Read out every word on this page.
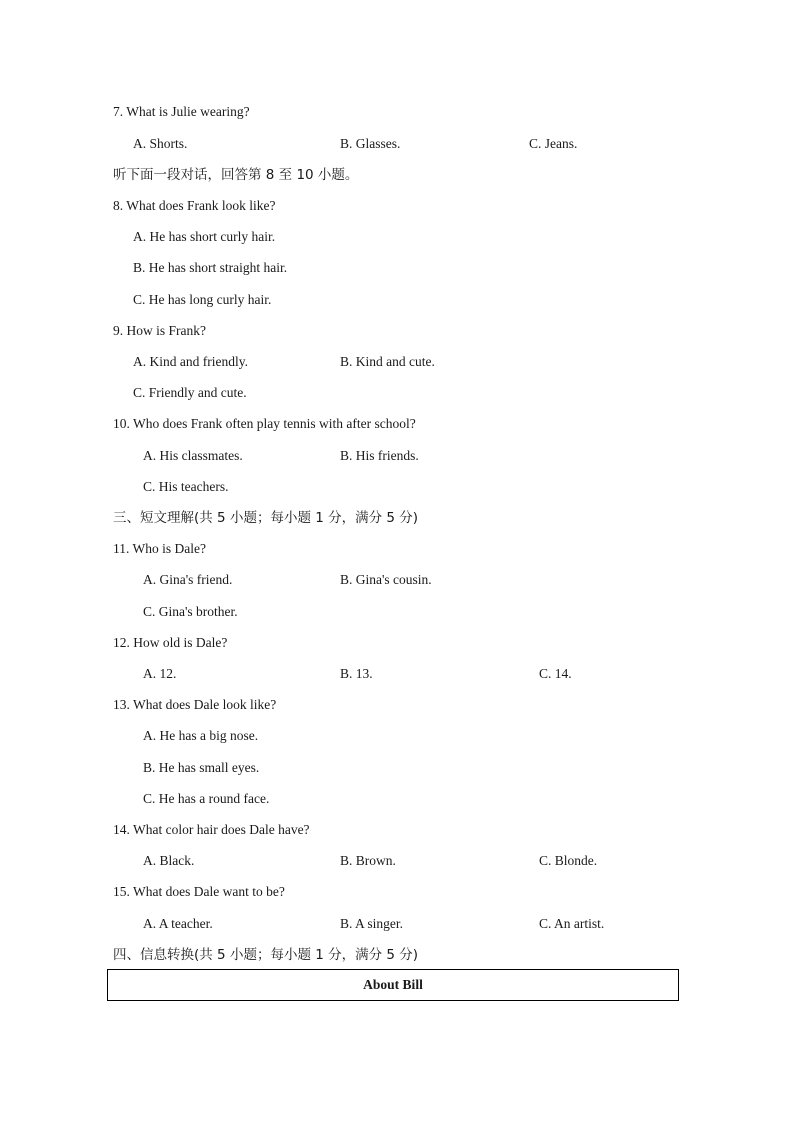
7. What is Julie wearing?
A. Shorts.	B. Glasses.	C. Jeans.
听下面一段对话，回答第 8 至 10 小题。
8. What does Frank look like?
A. He has short curly hair.
B. He has short straight hair.
C. He has long curly hair.
9. How is Frank?
A. Kind and friendly.	B. Kind and cute.
C. Friendly and cute.
10. Who does Frank often play tennis with after school?
A. His classmates.	B. His friends.
C. His teachers.
三、短文理解(共 5 小题；每小题 1 分，满分 5 分)
11. Who is Dale?
A. Gina's friend.	B. Gina's cousin.
C. Gina's brother.
12. How old is Dale?
A. 12.	B. 13.	C. 14.
13. What does Dale look like?
A. He has a big nose.
B. He has small eyes.
C. He has a round face.
14. What color hair does Dale have?
A. Black.	B. Brown.	C. Blonde.
15. What does Dale want to be?
A. A teacher.	B. A singer.	C. An artist.
四、信息转换(共 5 小题；每小题 1 分，满分 5 分)
About Bill
